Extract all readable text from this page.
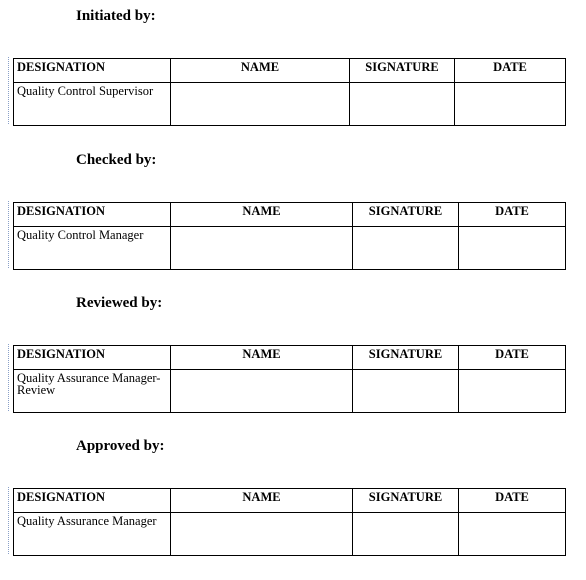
Initiated by:
DESIGNATION	NAME	SIGNATURE	DATE
Quality Control Supervisor			
Checked by:
DESIGNATION	NAME	SIGNATURE	DATE
Quality Control Manager			
Reviewed by:
DESIGNATION	NAME	SIGNATURE	DATE
Quality Assurance Manager-Review			
Approved by:
DESIGNATION	NAME	SIGNATURE	DATE
Quality Assurance Manager			
